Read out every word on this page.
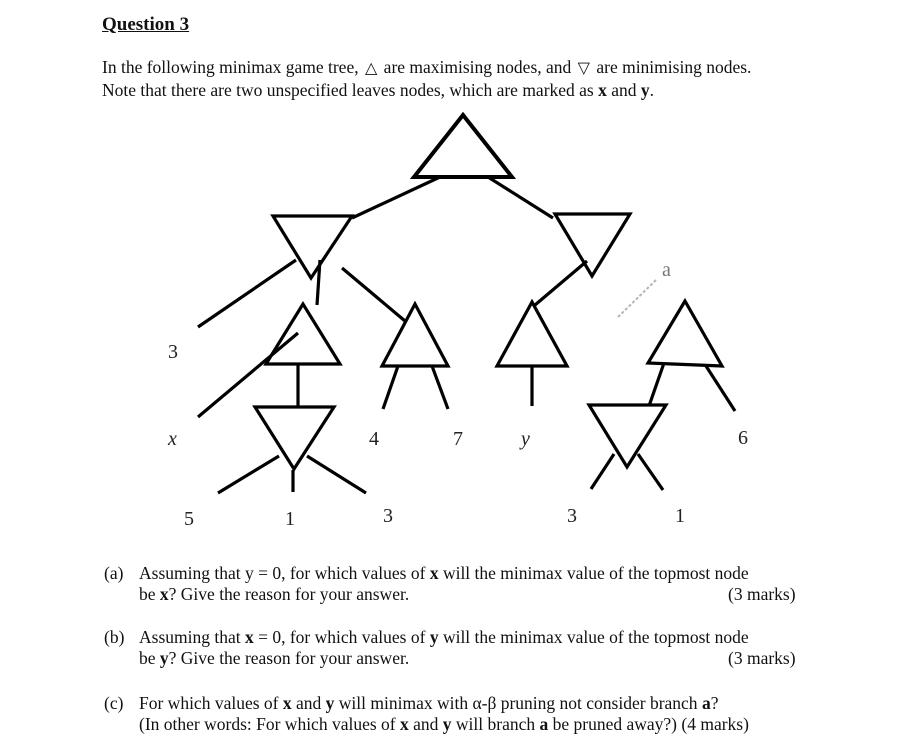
Question 3
In the following minimax game tree, △ are maximising nodes, and ▽ are minimising nodes.
Note that there are two unspecified leaves nodes, which are marked as x and y.
a
3
x
5	1	3
4	7	y
3	1
6
(a) Assuming that y = 0, for which values of x will the minimax value of the topmost node
be x? Give the reason for your answer.	(3 marks)
(b) Assuming that x = 0, for which values of y will the minimax value of the topmost node
be y? Give the reason for your answer.	(3 marks)
(c) For which values of x and y will minimax with α-β pruning not consider branch a?
(In other words: For which values of x and y will branch a be pruned away?) (4 marks)
